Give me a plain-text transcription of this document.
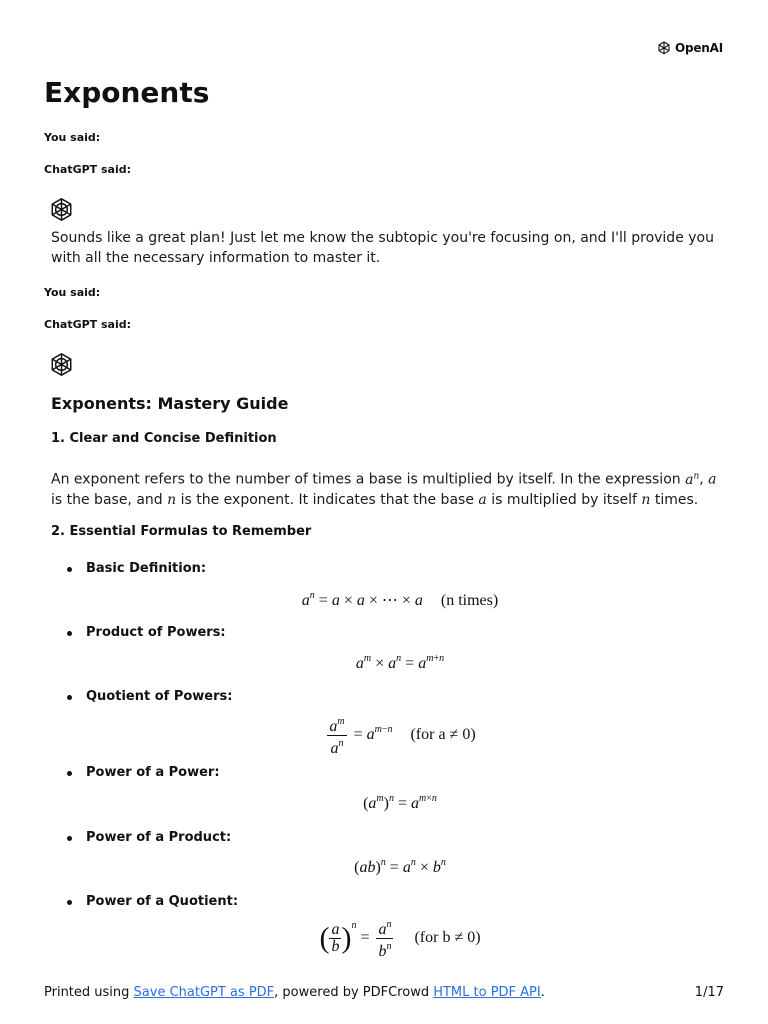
OpenAI
Exponents
You said:
ChatGPT said:

Sounds like a great plan! Just let me know the subtopic you're focusing on, and I'll provide you with all the necessary information to master it.

You said:
ChatGPT said:
Exponents: Mastery Guide
1. Clear and Concise Definition

An exponent refers to the number of times a base is multiplied by itself. In the expression $a^n$, a is the base, and n is the exponent. It indicates that the base a is multiplied by itself n times.

2. Essential Formulas to Remember
Basic Definition:
$a^n = a \times a$ × ⋯ × a (n times)
Product of Powers:
$a^m \times a^n = a^{m+n}$
Quotient of Powers:
$\frac{a^m}{a^n} = a^{m-n}$ (for a ≠ 0)
Power of a Power:
$(a^m)^n = a^{m\times n}$
Power of a Product:
$(ab)^n = a^n \times b^n$
Power of a Quotient:
( $\frac{a}{b} )^n = \frac{a^n}{b^n} (for$ b ≠ 0)
Printed using Save ChatGPT as PDF, powered by PDFCrowd HTML to PDF API.	1/17
